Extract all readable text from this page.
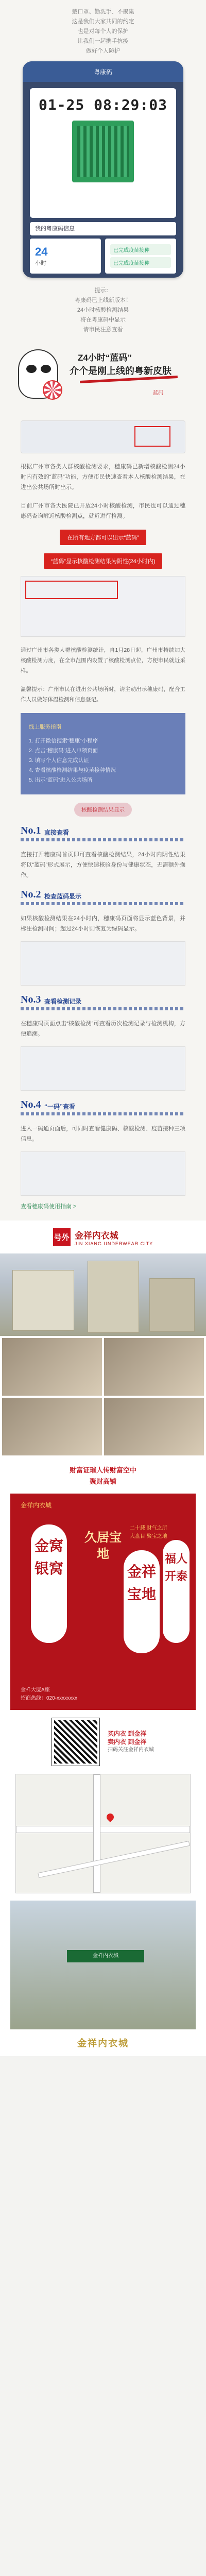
戴口罩、勤洗手、不聚集

这是我们大家共同的约定

也是对每个人的保护

让我们一起携手抗疫

做好个人防护

粤康码
01-25 08:29:03
我的粤康码信息
24
小时
已完成疫苗接种
已完成疫苗接种

提示：

粤康码已上线新版本！

24小时核酸检测结果

将在粤康码中显示

请市民注意查看

Z4小时“蓝码”
介个是刚上线的粤新皮肤
蓝码

根据广州市各类人群核酸检测要求，穗康码已新增核酸检测24小时内有效的“蓝码”功能，方便市民快速查看本人核酸检测结果，在进出公共场所时出示。

目前广州市各大医院已开放24小时核酸检测，市民也可以通过穗康码查询附近核酸检测点，就近进行检测。

在所有地方都可以出示“蓝码”
“蓝码”显示核酸检测结果为阴性(24小时内)

通过广州市各类人群核酸检测统计，自1月28日起，广州市持续加大核酸检测力度，在全市范围内设置了核酸检测点位，方便市民就近采样。

温馨提示：广州市民在进出公共场所时，请主动出示穗康码，配合工作人员做好体温检测和信息登记。

线上服务指南

1. 打开微信搜索“穗康”小程序

2. 点击“穗康码”进入申领页面

3. 填写个人信息完成认证

4. 查看核酸检测结果与疫苗接种情况

5. 出示“蓝码”进入公共场所

核酸检测结果显示
No.1 直接查看

直接打开穗康码首页即可查看核酸检测结果，24小时内阴性结果将以“蓝码”形式展示，方便快速核验身份与健康状态，无需额外操作。

No.2 检查蓝码显示

如果核酸检测结果在24小时内，穗康码页面将显示蓝色背景，并标注检测时间；超过24小时则恢复为绿码显示。

No.3 查看检测记录

在穗康码页面点击“核酸检测”可查看历次检测记录与检测机构，方便追溯。

No.4 “一码”查看

进入一码通页面后，可同时查看健康码、核酸检测、疫苗接种三项信息。

查看穗康码使用指南 >
号外 金祥内衣城
JIN XIANG UNDERWEAR CITY

财富证璀人传财富空中

聚财高铺

金祥内衣城
金窝银窝
久居宝地

二十载 财气之所

大盘目 聚宝之地

金祥宝地
福人开泰

金祥大厦A座

招商热线：020-xxxxxxxx

买内衣 到金祥

卖内衣 到金祥

扫码关注金祥内衣城

金祥内衣城
金祥内衣城
